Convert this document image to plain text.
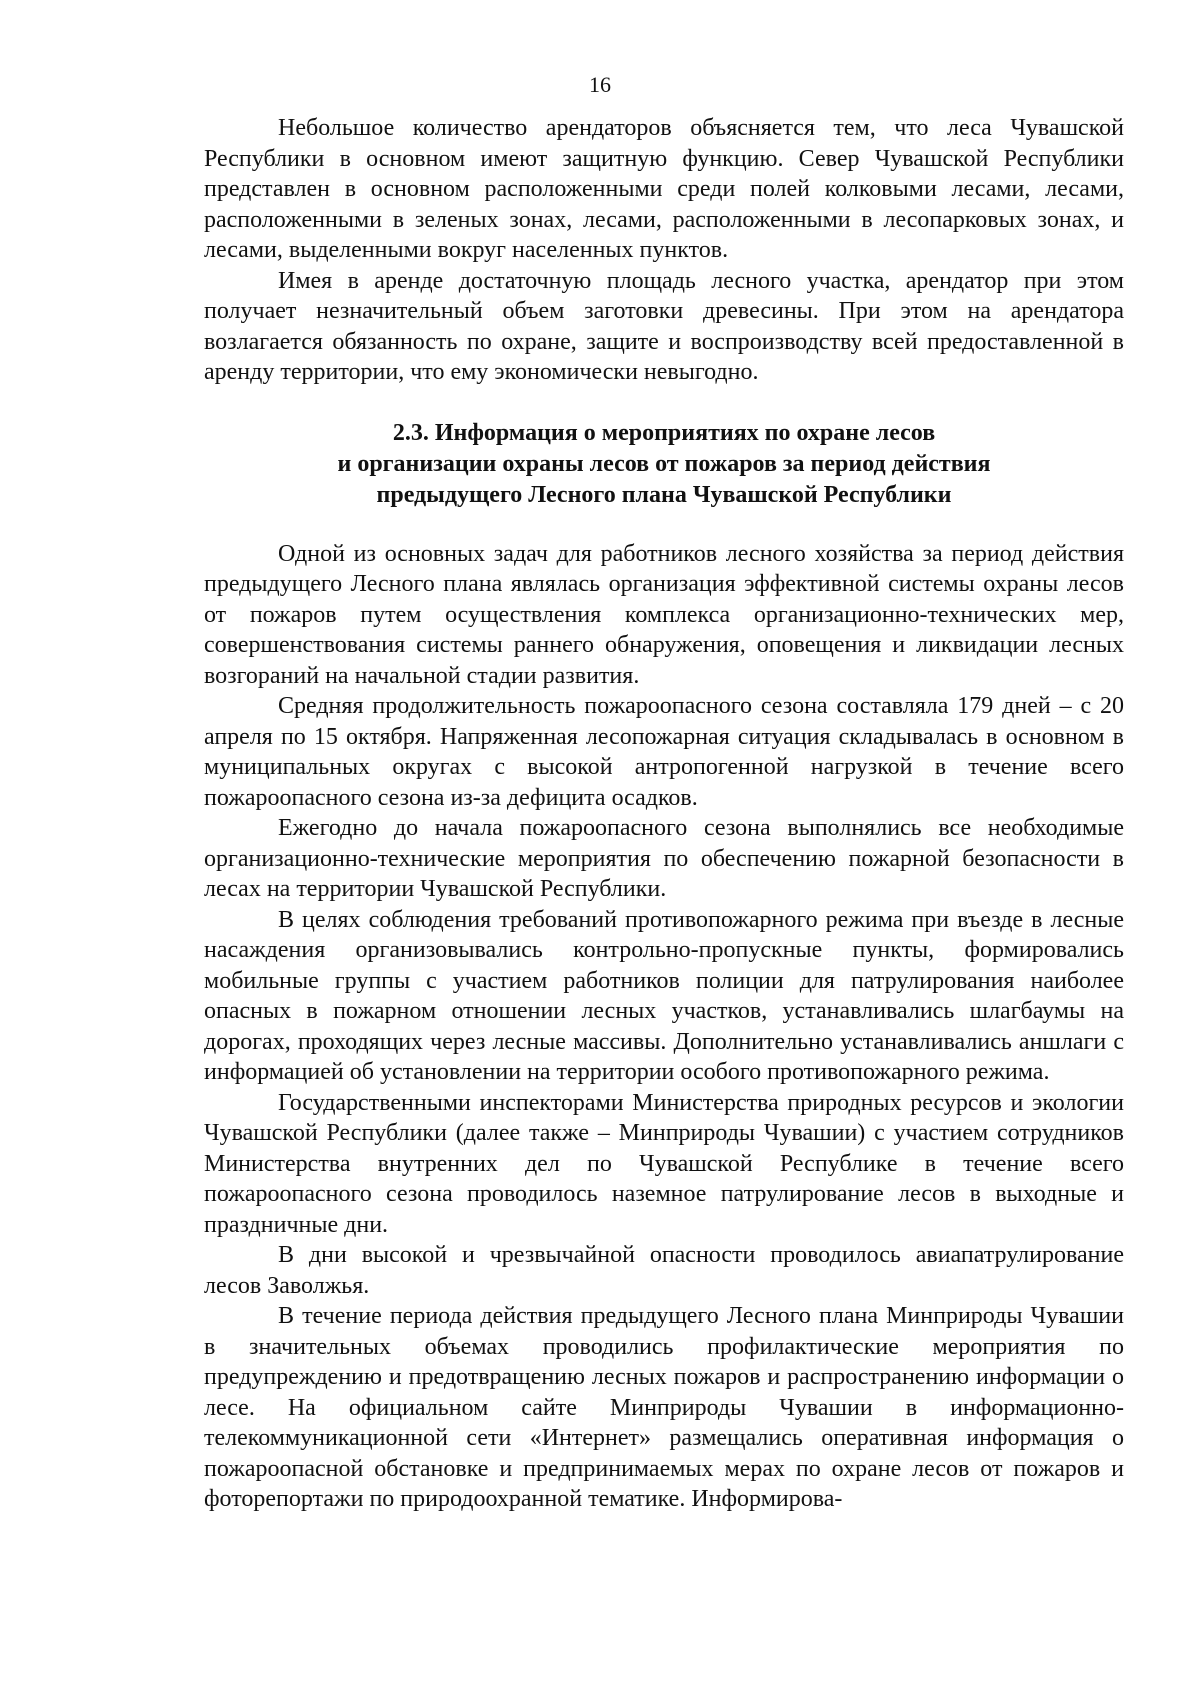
16

Небольшое количество арендаторов объясняется тем, что леса Чувашской Республики в основном имеют защитную функцию. Север Чувашской Республики представлен в основном расположенными среди полей колковыми лесами, лесами, расположенными в зеленых зонах, лесами, расположенными в лесопарковых зонах, и лесами, выделенными вокруг населенных пунктов.

Имея в аренде достаточную площадь лесного участка, арендатор при этом получает незначительный объем заготовки древесины. При этом на арендатора возлагается обязанность по охране, защите и воспроизводству всей предоставленной в аренду территории, что ему экономически невыгодно.

2.3. Информация о мероприятиях по охране лесов
и организации охраны лесов от пожаров за период действия
предыдущего Лесного плана Чувашской Республики

Одной из основных задач для работников лесного хозяйства за период действия предыдущего Лесного плана являлась организация эффективной системы охраны лесов от пожаров путем осуществления комплекса организационно-технических мер, совершенствования системы раннего обнаружения, оповещения и ликвидации лесных возгораний на начальной стадии развития.

Средняя продолжительность пожароопасного сезона составляла 179 дней – с 20 апреля по 15 октября. Напряженная лесопожарная ситуация складывалась в основном в муниципальных округах с высокой антропогенной нагрузкой в течение всего пожароопасного сезона из-за дефицита осадков.

Ежегодно до начала пожароопасного сезона выполнялись все необходимые организационно-технические мероприятия по обеспечению пожарной безопасности в лесах на территории Чувашской Республики.

В целях соблюдения требований противопожарного режима при въезде в лесные насаждения организовывались контрольно-пропускные пункты, формировались мобильные группы с участием работников полиции для патрулирования наиболее опасных в пожарном отношении лесных участков, устанавливались шлагбаумы на дорогах, проходящих через лесные массивы. Дополнительно устанавливались аншлаги с информацией об установлении на территории особого противопожарного режима.

Государственными инспекторами Министерства природных ресурсов и экологии Чувашской Республики (далее также – Минприроды Чувашии) с участием сотрудников Министерства внутренних дел по Чувашской Республике в течение всего пожароопасного сезона проводилось наземное патрулирование лесов в выходные и праздничные дни.

В дни высокой и чрезвычайной опасности проводилось авиапатрулирование лесов Заволжья.

В течение периода действия предыдущего Лесного плана Минприроды Чувашии в значительных объемах проводились профилактические мероприятия по предупреждению и предотвращению лесных пожаров и распространению информации о лесе. На официальном сайте Минприроды Чувашии в информационно-телекоммуникационной сети «Интернет» размещались оперативная информация о пожароопасной обстановке и предпринимаемых мерах по охране лесов от пожаров и фоторепортажи по природоохранной тематике. Информирова-
